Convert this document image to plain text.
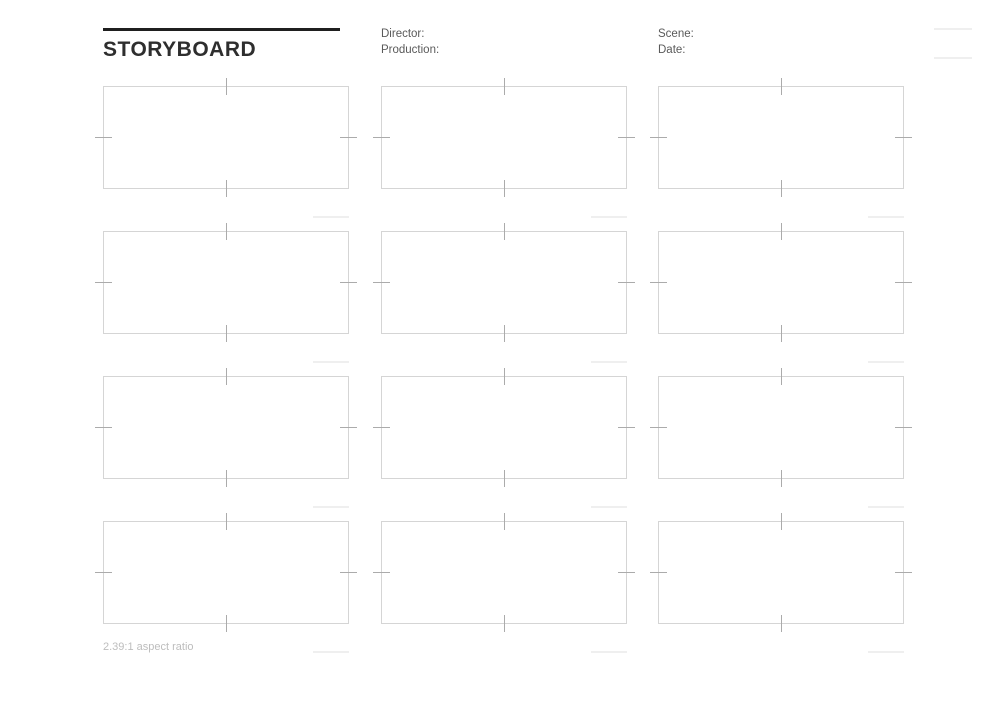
STORYBOARD
Director:
Production:
Scene:
Date:
2.39:1 aspect ratio
